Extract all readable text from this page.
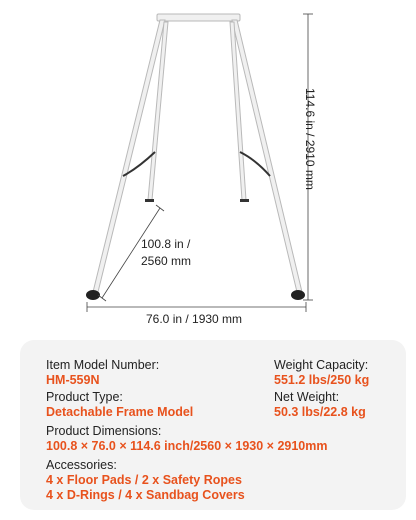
114.6 in / 2910 mm
100.8 in /
2560 mm
76.0 in / 1930 mm
Item Model Number:
HM-559N
Weight Capacity:
551.2 lbs/250 kg
Product Type:
Detachable Frame Model
Net Weight:
50.3 lbs/22.8 kg
Product Dimensions:
100.8 × 76.0 × 114.6 inch/2560 × 1930 × 2910mm
Accessories:
4 x Floor Pads / 2 x Safety Ropes
4 x D-Rings / 4 x Sandbag Covers
